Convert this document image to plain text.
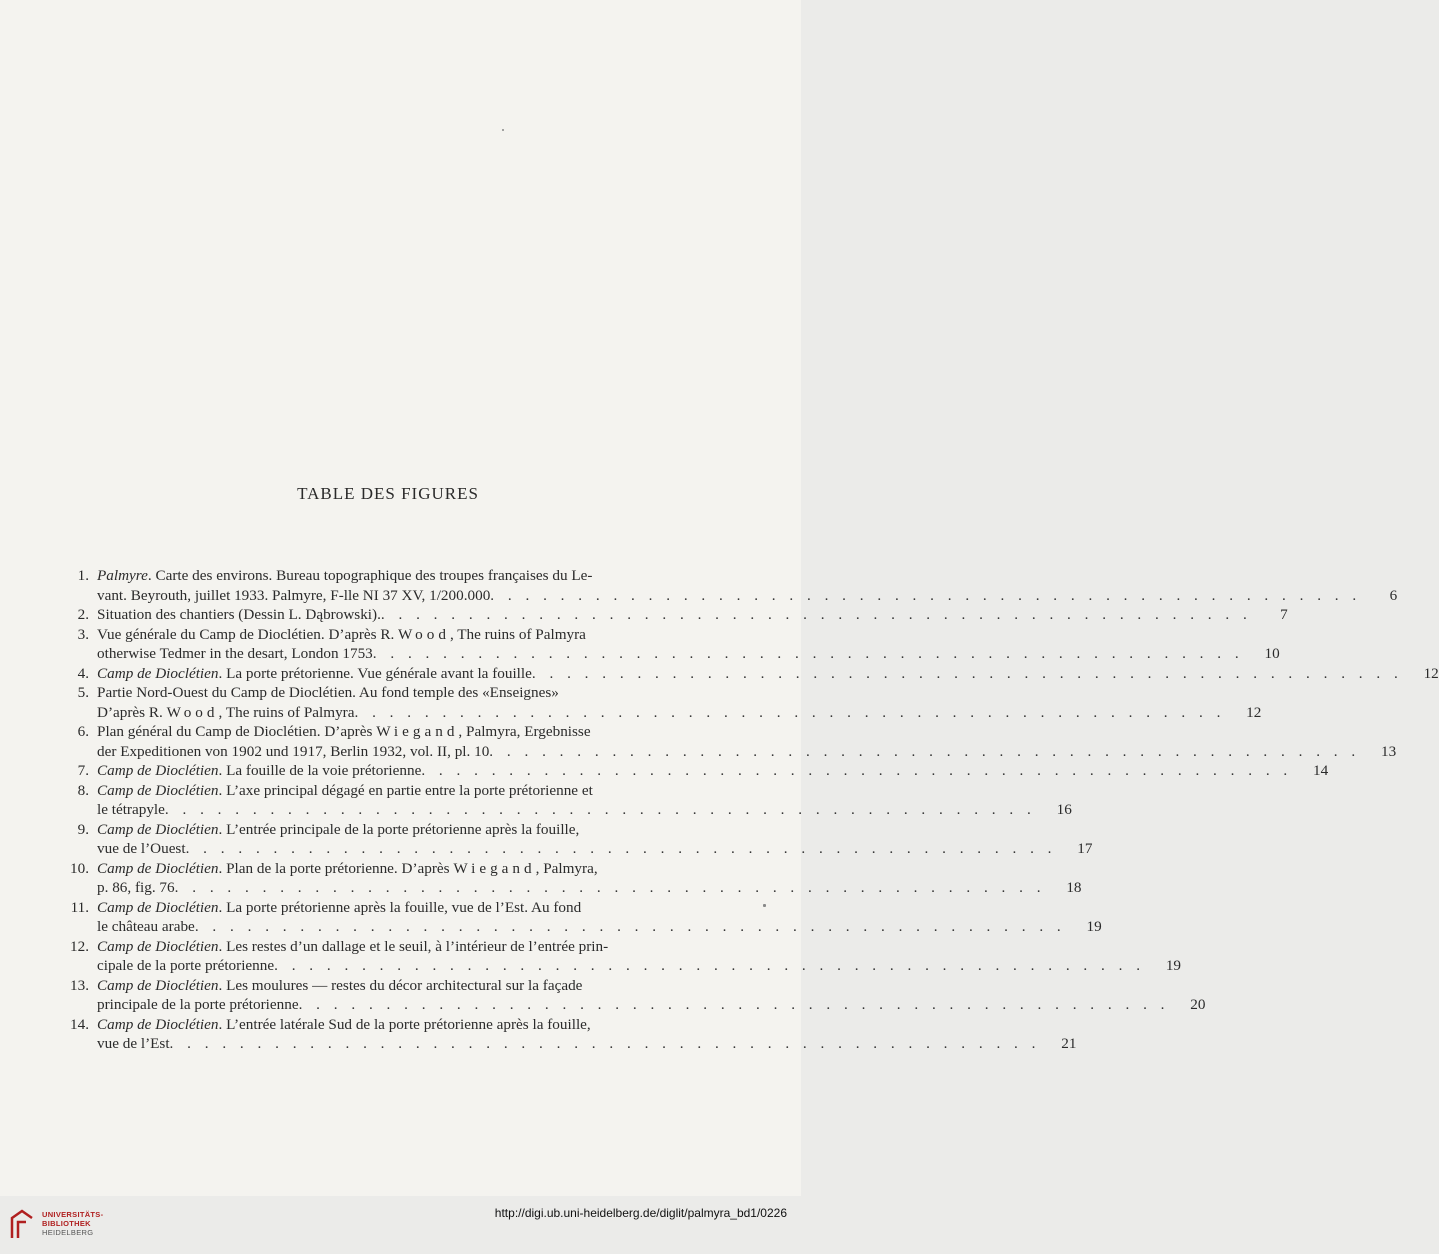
TABLE DES FIGURES
1. Palmyre. Carte des environs. Bureau topographique des troupes françaises du Le-
vant. Beyrouth, juillet 1933. Palmyre, F-lle NI 37 XV, 1/200.000 . . . . . . . . . . . . . . . . . . . . . . . . . . . . . . . . . . . . . . . . . . . . . . . . . .	6
2. Situation des chantiers (Dessin L. Dąbrowski). . . . . . . . . . . . . . . . . . . . . . . . . . . . . . . . . . . . . . . . . . . . . . . . . . .	7
3. Vue générale du Camp de Dioclétien. D’après R. Wood, The ruins of Palmyra
otherwise Tedmer in the desart, London 1753 . . . . . . . . . . . . . . . . . . . . . . . . . . . . . . . . . . . . . . . . . . . . . . . . . .	10
4. Camp de Dioclétien. La porte prétorienne. Vue générale avant la fouille . . . . . . . . . . . . . . . . . . . . . . . . . . . . . . . . . . . . . . . . . . . . . . . . . .	12
5. Partie Nord-Ouest du Camp de Dioclétien. Au fond temple des «Enseignes»
D’après R. Wood, The ruins of Palmyra . . . . . . . . . . . . . . . . . . . . . . . . . . . . . . . . . . . . . . . . . . . . . . . . . .	12
6. Plan général du Camp de Dioclétien. D’après Wiegand, Palmyra, Ergebnisse
der Expeditionen von 1902 und 1917, Berlin 1932, vol. II, pl. 10 . . . . . . . . . . . . . . . . . . . . . . . . . . . . . . . . . . . . . . . . . . . . . . . . . .	13
7. Camp de Dioclétien. La fouille de la voie prétorienne . . . . . . . . . . . . . . . . . . . . . . . . . . . . . . . . . . . . . . . . . . . . . . . . . .	14
8. Camp de Dioclétien. L’axe principal dégagé en partie entre la porte prétorienne et
le tétrapyle . . . . . . . . . . . . . . . . . . . . . . . . . . . . . . . . . . . . . . . . . . . . . . . . . .	16
9. Camp de Dioclétien. L’entrée principale de la porte prétorienne après la fouille,
vue de l’Ouest . . . . . . . . . . . . . . . . . . . . . . . . . . . . . . . . . . . . . . . . . . . . . . . . . .	17
10. Camp de Dioclétien. Plan de la porte prétorienne. D’après Wiegand, Palmyra,
p. 86, fig. 76 . . . . . . . . . . . . . . . . . . . . . . . . . . . . . . . . . . . . . . . . . . . . . . . . . .	18
11. Camp de Dioclétien. La porte prétorienne après la fouille, vue de l’Est. Au fond
le château arabe . . . . . . . . . . . . . . . . . . . . . . . . . . . . . . . . . . . . . . . . . . . . . . . . . .	19
12. Camp de Dioclétien. Les restes d’un dallage et le seuil, à l’intérieur de l’entrée prin-
cipale de la porte prétorienne . . . . . . . . . . . . . . . . . . . . . . . . . . . . . . . . . . . . . . . . . . . . . . . . . .	19
13. Camp de Dioclétien. Les moulures — restes du décor architectural sur la façade
principale de la porte prétorienne . . . . . . . . . . . . . . . . . . . . . . . . . . . . . . . . . . . . . . . . . . . . . . . . . .	20
14. Camp de Dioclétien. L’entrée latérale Sud de la porte prétorienne après la fouille,
vue de l’Est . . . . . . . . . . . . . . . . . . . . . . . . . . . . . . . . . . . . . . . . . . . . . . . . . .	21
UNIVERSITÄTS-
BIBLIOTHEK
HEIDELBERG
http://digi.ub.uni-heidelberg.de/diglit/palmyra_bd1/0226
